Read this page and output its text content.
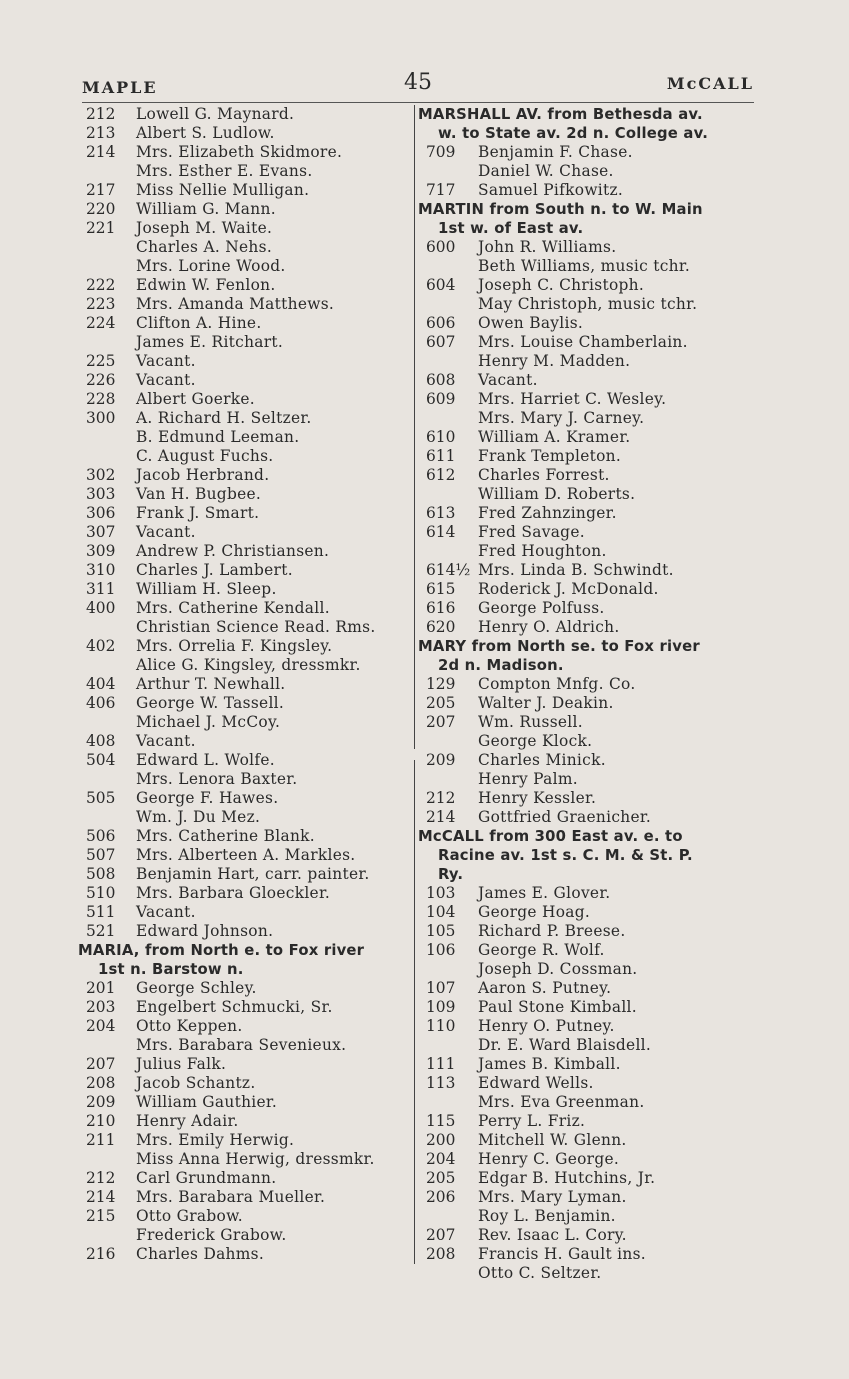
MAPLE	45	McCALL
212 Lowell G. Maynard.
213 Albert S. Ludlow.
214 Mrs. Elizabeth Skidmore.
Mrs. Esther E. Evans.
217 Miss Nellie Mulligan.
220 William G. Mann.
221 Joseph M. Waite.
Charles A. Nehs.
Mrs. Lorine Wood.
222 Edwin W. Fenlon.
223 Mrs. Amanda Matthews.
224 Clifton A. Hine.
James E. Ritchart.
225 Vacant.
226 Vacant.
228 Albert Goerke.
300 A. Richard H. Seltzer.
B. Edmund Leeman.
C. August Fuchs.
302 Jacob Herbrand.
303 Van H. Bugbee.
306 Frank J. Smart.
307 Vacant.
309 Andrew P. Christiansen.
310 Charles J. Lambert.
311 William H. Sleep.
400 Mrs. Catherine Kendall.
Christian Science Read. Rms.
402 Mrs. Orrelia F. Kingsley.
Alice G. Kingsley, dressmkr.
404 Arthur T. Newhall.
406 George W. Tassell.
Michael J. McCoy.
408 Vacant.
504 Edward L. Wolfe.
Mrs. Lenora Baxter.
505 George F. Hawes.
Wm. J. Du Mez.
506 Mrs. Catherine Blank.
507 Mrs. Alberteen A. Markles.
508 Benjamin Hart, carr. painter.
510 Mrs. Barbara Gloeckler.
511 Vacant.
521 Edward Johnson.
MARIA, from North e. to Fox river
1st n. Barstow n.
201 George Schley.
203 Engelbert Schmucki, Sr.
204 Otto Keppen.
Mrs. Barabara Sevenieux.
207 Julius Falk.
208 Jacob Schantz.
209 William Gauthier.
210 Henry Adair.
211 Mrs. Emily Herwig.
Miss Anna Herwig, dressmkr.
212 Carl Grundmann.
214 Mrs. Barabara Mueller.
215 Otto Grabow.
Frederick Grabow.
216 Charles Dahms.
MARSHALL AV. from Bethesda av.
w. to State av. 2d n. College av.
709 Benjamin F. Chase.
Daniel W. Chase.
717 Samuel Pifkowitz.
MARTIN from South n. to W. Main
1st w. of East av.
600 John R. Williams.
Beth Williams, music tchr.
604 Joseph C. Christoph.
May Christoph, music tchr.
606 Owen Baylis.
607 Mrs. Louise Chamberlain.
Henry M. Madden.
608 Vacant.
609 Mrs. Harriet C. Wesley.
Mrs. Mary J. Carney.
610 William A. Kramer.
611 Frank Templeton.
612 Charles Forrest.
William D. Roberts.
613 Fred Zahnzinger.
614 Fred Savage.
Fred Houghton.
614½ Mrs. Linda B. Schwindt.
615 Roderick J. McDonald.
616 George Polfuss.
620 Henry O. Aldrich.
MARY from North se. to Fox river
2d n. Madison.
129 Compton Mnfg. Co.
205 Walter J. Deakin.
207 Wm. Russell.
George Klock.
209 Charles Minick.
Henry Palm.
212 Henry Kessler.
214 Gottfried Graenicher.
McCALL from 300 East av. e. to
Racine av. 1st s. C. M. & St. P.
Ry.
103 James E. Glover.
104 George Hoag.
105 Richard P. Breese.
106 George R. Wolf.
Joseph D. Cossman.
107 Aaron S. Putney.
109 Paul Stone Kimball.
110 Henry O. Putney.
Dr. E. Ward Blaisdell.
111 James B. Kimball.
113 Edward Wells.
Mrs. Eva Greenman.
115 Perry L. Friz.
200 Mitchell W. Glenn.
204 Henry C. George.
205 Edgar B. Hutchins, Jr.
206 Mrs. Mary Lyman.
Roy L. Benjamin.
207 Rev. Isaac L. Cory.
208 Francis H. Gault ins.
Otto C. Seltzer.
